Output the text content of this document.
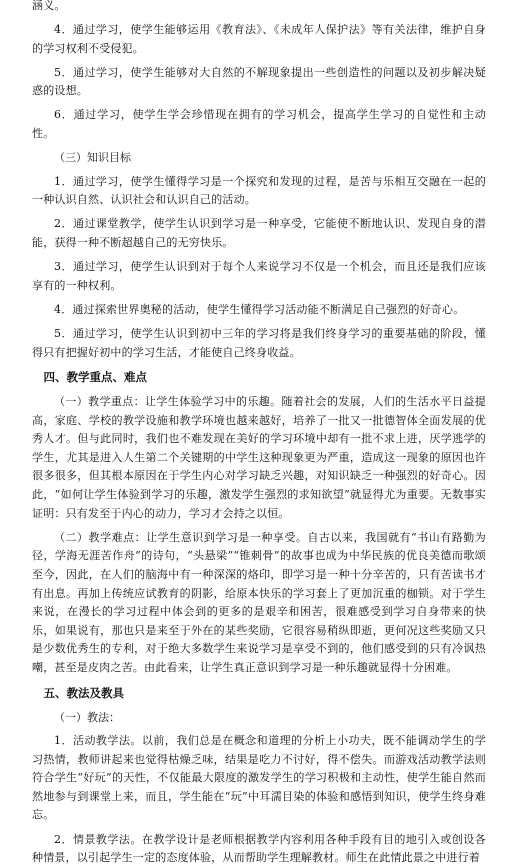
涵义。

4．通过学习，使学生能够运用《教育法》、《未成年人保护法》等有关法律，维护自身的学习权利不受侵犯。

5．通过学习，使学生能够对大自然的不解现象提出一些创造性的问题以及初步解决疑惑的设想。

6．通过学习，使学生学会珍惜现在拥有的学习机会，提高学生学习的自觉性和主动性。

（三）知识目标

1．通过学习，使学生懂得学习是一个探究和发现的过程，是苦与乐相互交融在一起的一种认识自然、认识社会和认识自己的活动。

2．通过课堂教学，使学生认识到学习是一种享受，它能使不断地认识、发现自身的潜能，获得一种不断超越自己的无穷快乐。

3．通过学习，使学生认识到对于每个人来说学习不仅是一个机会，而且还是我们应该享有的一种权利。

4．通过探索世界奥秘的活动，使学生懂得学习活动能不断满足自己强烈的好奇心。

5．通过学习，使学生认识到初中三年的学习将是我们终身学习的重要基础的阶段，懂得只有把握好初中的学习生活，才能使自己终身收益。

四、教学重点、难点

（一）教学重点：让学生体验学习中的乐趣。随着社会的发展，人们的生活水平日益提高，家庭、学校的教学设施和教学环境也越来越好，培养了一批又一批德智体全面发展的优秀人才。但与此同时，我们也不难发现在美好的学习环境中却有一批不求上进，厌学逃学的学生，尤其是进入人生第二个关键期的中学生这种现象更为严重，造成这一现象的原因也许很多很多，但其根本原因在于学生内心对学习缺乏兴趣，对知识缺乏一种强烈的好奇心。因此，“如何让学生体验到学习的乐趣，激发学生强烈的求知欲望”就显得尤为重要。无数事实证明：只有发至于内心的动力，学习才会持之以恒。

（二）教学难点：让学生意识到学习是一种享受。自古以来，我国就有“书山有路勤为径，学海无涯苦作舟”的诗句，“头悬梁”“锥刺骨”的故事也成为中华民族的优良美德而歌颂至今，因此，在人们的脑海中有一种深深的烙印，即学习是一种十分辛苦的，只有苦读书才有出息。再加上传统应试教育的阴影，给原本快乐的学习套上了更加沉重的枷锁。对于学生来说，在漫长的学习过程中体会到的更多的是艰辛和困苦，很难感受到学习自身带来的快乐，如果说有，那也只是来至于外在的某些奖励，它很容易稍纵即逝，更何况这些奖励又只是少数优秀生的专利，对于绝大多数学生来说学习是享受不到的，他们感受到的只有冷讽热嘲，甚至是皮肉之苦。由此看来，让学生真正意识到学习是一种乐趣就显得十分困难。

五、教法及教具

（一）教法：

1．活动教学法。以前，我们总是在概念和道理的分析上小功夫，既不能调动学生的学习热情，教师讲起来也觉得枯燥乏味，结果是吃力不讨好，得不偿失。而游戏活动教学法则符合学生“好玩”的天性，不仅能最大限度的激发学生的学习积极和主动性，使学生能自然而然地参与到课堂上来，而且，学生能在“玩”中耳濡目染的体验和感悟到知识，使学生终身难忘。

2．情景教学法。在教学设计是老师根据教学内容利用各种手段有目的地引入或创设各种情景，以引起学生一定的态度体验，从而帮助学生理解教材。师生在此情此景之中进行着
